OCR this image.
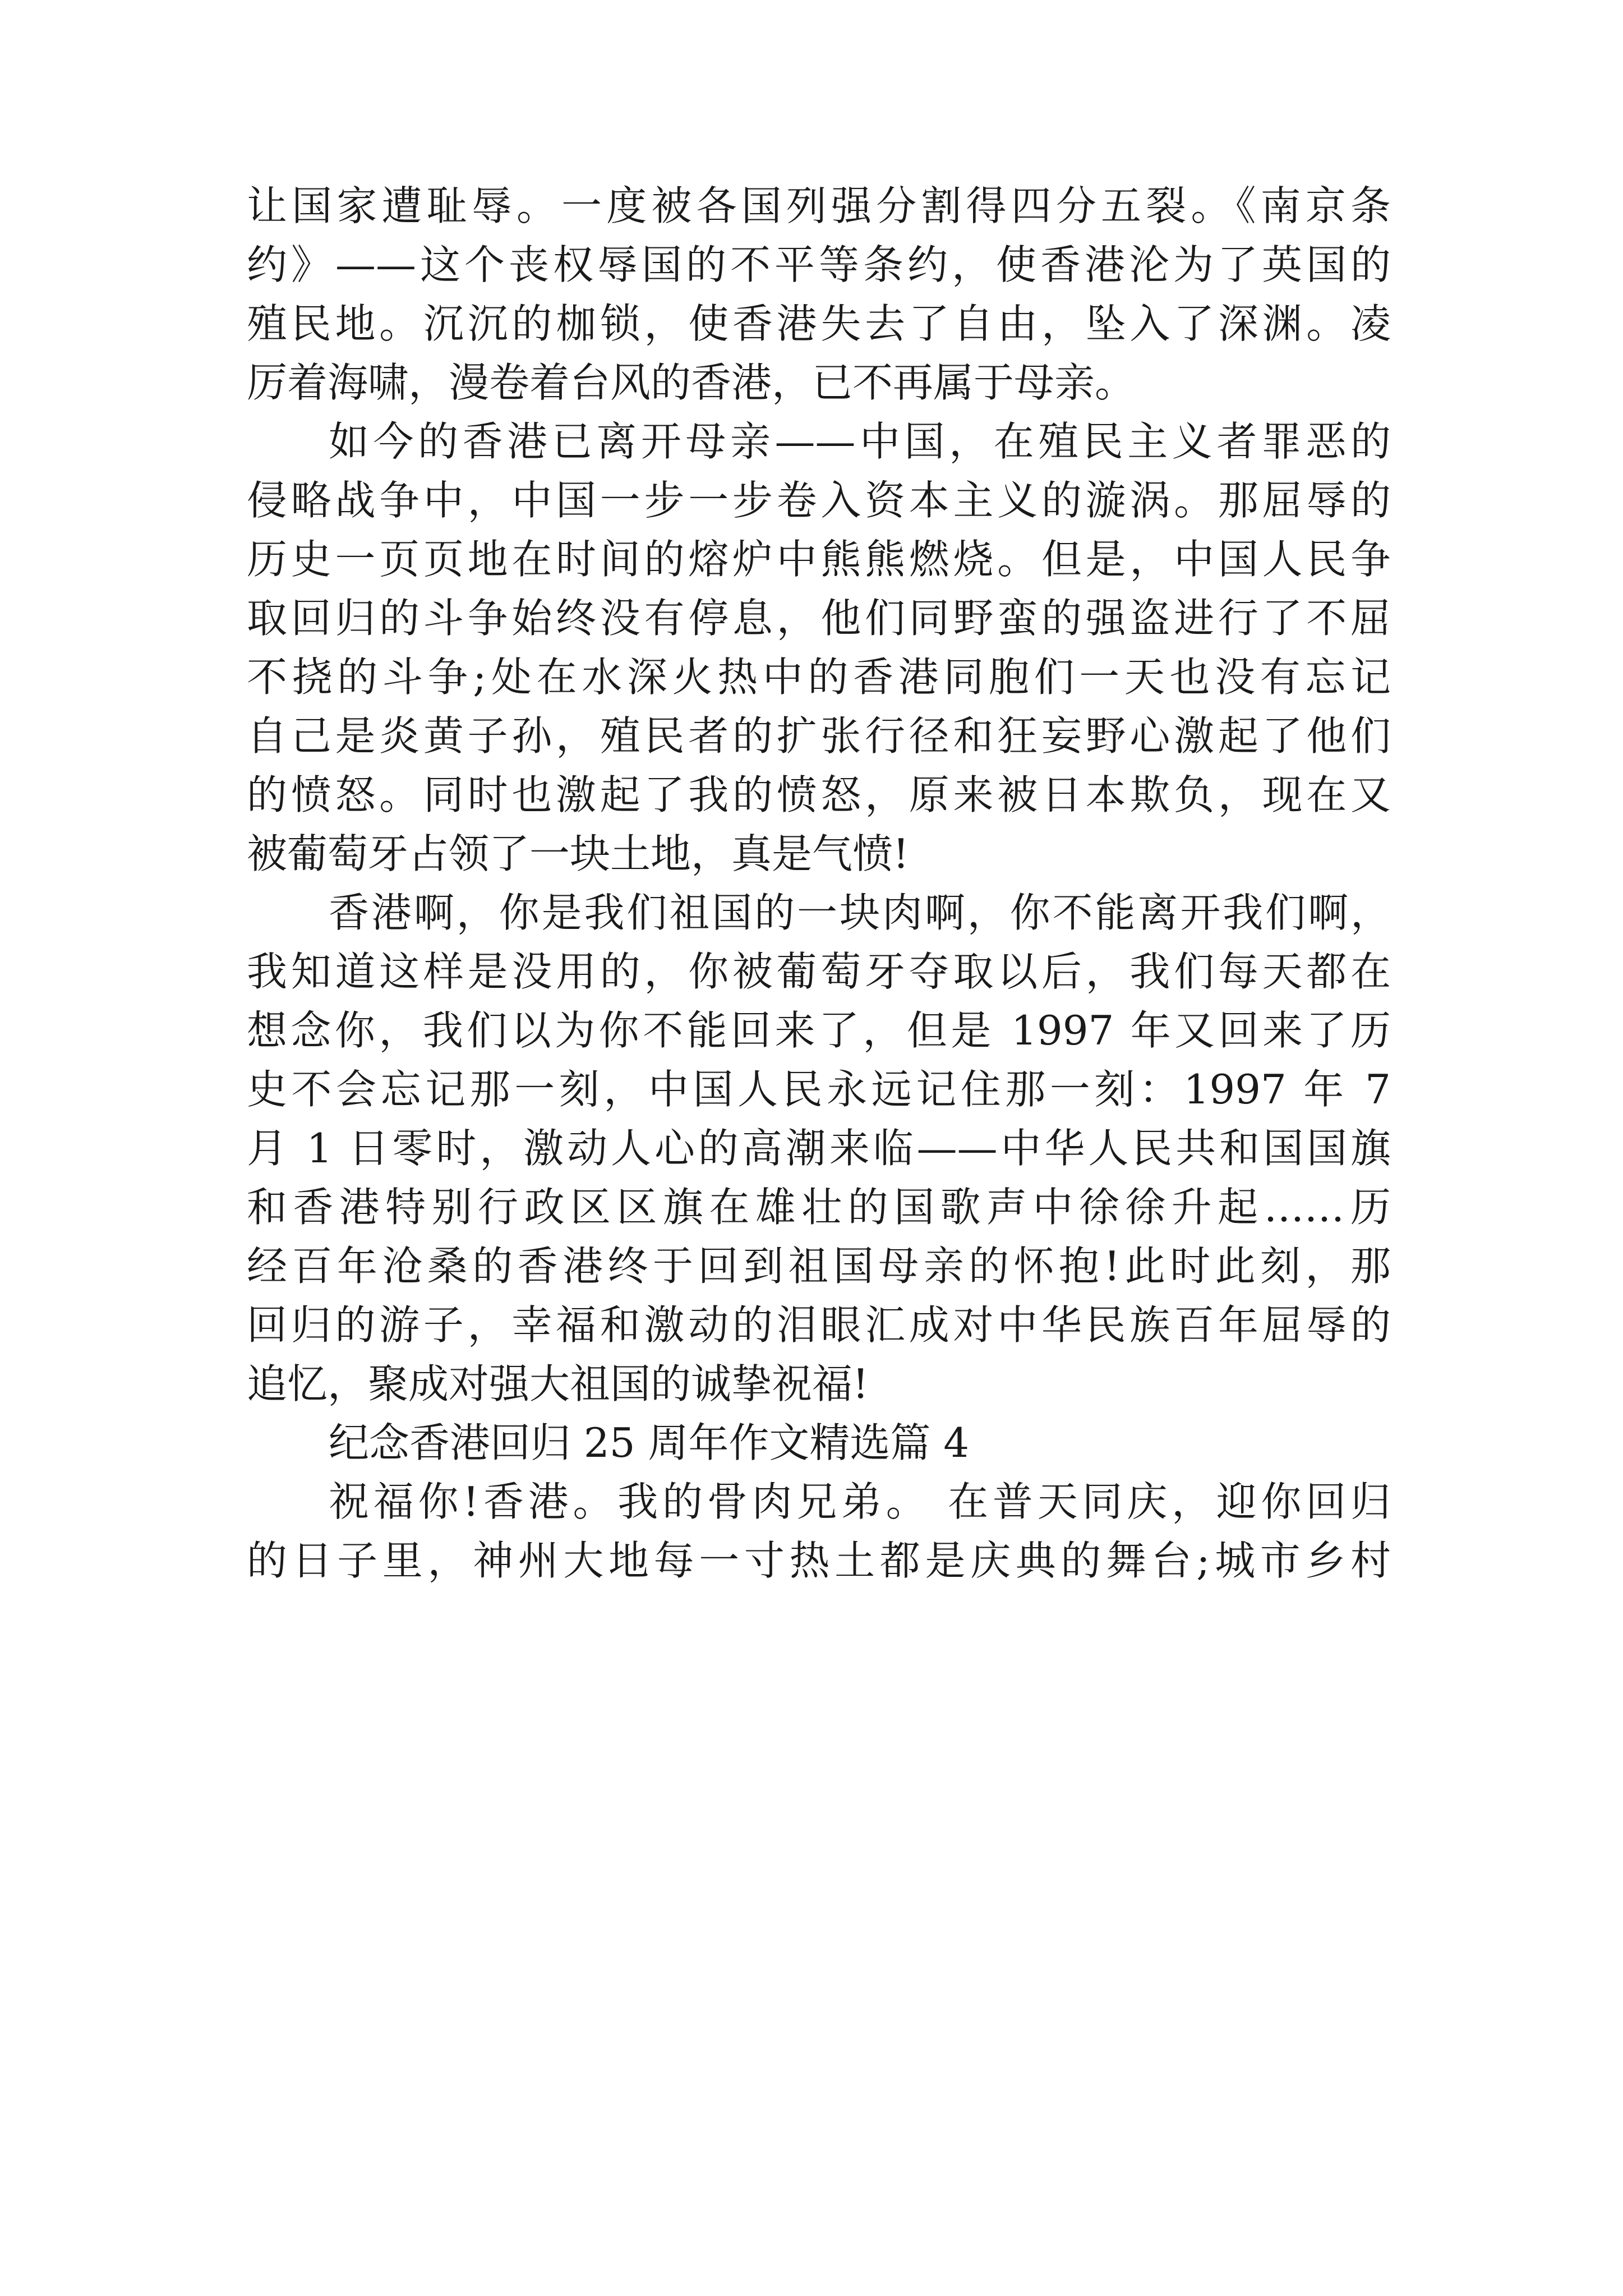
让国家遭耻辱。一度被各国列强分割得四分五裂。《南京条
约》——这个丧权辱国的不平等条约，使香港沦为了英国的
殖民地。沉沉的枷锁，使香港失去了自由，坠入了深渊。凌
厉着海啸，漫卷着台风的香港，已不再属于母亲。
如今的香港已离开母亲——中国，在殖民主义者罪恶的
侵略战争中，中国一步一步卷入资本主义的漩涡。那屈辱的
历史一页页地在时间的熔炉中熊熊燃烧。但是，中国人民争
取回归的斗争始终没有停息，他们同野蛮的强盗进行了不屈
不挠的斗争;处在水深火热中的香港同胞们一天也没有忘记
自己是炎黄子孙，殖民者的扩张行径和狂妄野心激起了他们
的愤怒。同时也激起了我的愤怒，原来被日本欺负，现在又
被葡萄牙占领了一块土地，真是气愤!
香港啊，你是我们祖国的一块肉啊，你不能离开我们啊，
我知道这样是没用的，你被葡萄牙夺取以后，我们每天都在
想念你，我们以为你不能回来了，但是 1997 年又回来了历
史不会忘记那一刻，中国人民永远记住那一刻：1997 年 7
月 1 日零时，激动人心的高潮来临——中华人民共和国国旗
和香港特别行政区区旗在雄壮的国歌声中徐徐升起……历
经百年沧桑的香港终于回到祖国母亲的怀抱!此时此刻，那
回归的游子，幸福和激动的泪眼汇成对中华民族百年屈辱的
追忆，聚成对强大祖国的诚挚祝福!
纪念香港回归 25 周年作文精选篇 4
祝福你!香港。我的骨肉兄弟。 在普天同庆，迎你回归
的日子里，神州大地每一寸热土都是庆典的舞台;城市乡村
